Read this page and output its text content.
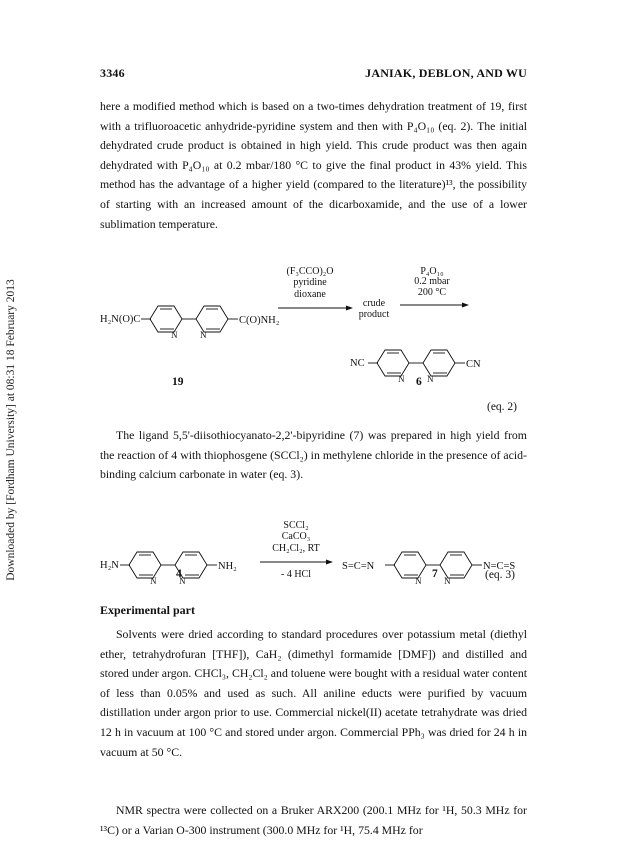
Downloaded by [Fordham University] at 08:31 18 February 2013
3346	JANIAK, DEBLON, AND WU

here a modified method which is based on a two-times dehydration treatment of 19, first with a trifluoroacetic anhydride-pyridine system and then with P₄O₁₀ (eq. 2). The initial dehydrated crude product is obtained in high yield. This crude product was then again dehydrated with P₄O₁₀ at 0.2 mbar/180 °C to give the final product in 43% yield. This method has the advantage of a higher yield (compared to the literature)¹³, the possibility of starting with an increased amount of the dicarboxamide, and the use of a lower sublimation temperature.

H₂N(O)C
N	N
C(O)NH₂
(F₃CCO)₂O
pyridine
dioxane
crude
product
P₄O₁₀
0.2 mbar
200 °C
NC
N	N
CN
19	6
(eq. 2)

The ligand 5,5'-diisothiocyanato-2,2'-bipyridine (7) was prepared in high yield from the reaction of 4 with thiophosgene (SCCl₂) in methylene chloride in the presence of acid-binding calcium carbonate in water (eq. 3).

H₂N
N	N
NH₂
SCCl₂
CaCO₃
CH₂Cl₂, RT
- 4 HCl
S=C=N
N	N
N=C=S
4	7	(eq. 3)
Experimental part

Solvents were dried according to standard procedures over potassium metal (diethyl ether, tetrahydrofuran [THF]), CaH₂ (dimethyl formamide [DMF]) and distilled and stored under argon. CHCl₃, CH₂Cl₂ and toluene were bought with a residual water content of less than 0.05% and used as such. All aniline educts were purified by vacuum distillation under argon prior to use. Commercial nickel(II) acetate tetrahydrate was dried 12 h in vacuum at 100 °C and stored under argon. Commercial PPh₃ was dried for 24 h in vacuum at 50 °C.

NMR spectra were collected on a Bruker ARX200 (200.1 MHz for ¹H, 50.3 MHz for ¹³C) or a Varian O-300 instrument (300.0 MHz for ¹H, 75.4 MHz for
